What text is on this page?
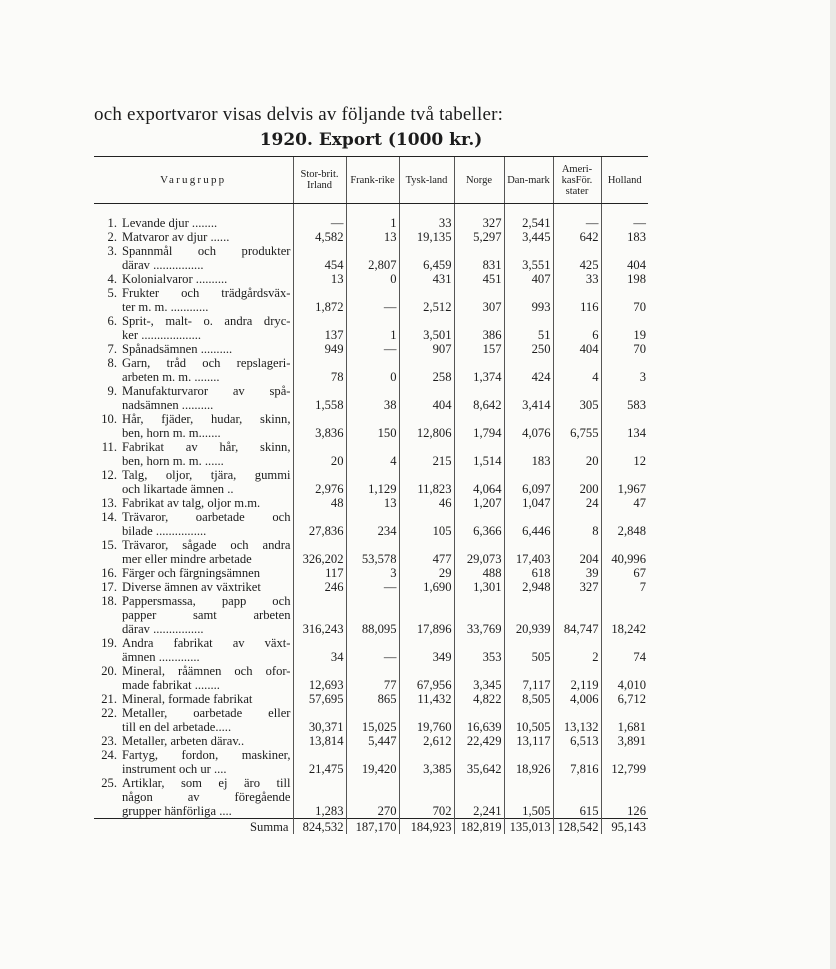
och exportvaror visas delvis av följande två tabeller:
1920. Export (1000 kr.)
Varugrupp	Stor-brit. Irland	Frank-rike	Tysk-land	Norge	Dan-mark	Ameri-kasFör. stater	Holland

1. Levande djur ........	—	1	33	327	2,541	—	—

2. Matvaror av djur ......	4,582	13	19,135	5,297	3,445	642	183

3. Spannmål och produkter
därav ................	454	2,807	6,459	831	3,551	425	404

4. Kolonialvaror ..........	13	0	431	451	407	33	198

5. Frukter och trädgårdsväx-
ter m. m. ............	1,872	—	2,512	307	993	116	70

6. Sprit-, malt- o. andra dryc-
ker ...................	137	1	3,501	386	51	6	19

7. Spånadsämnen ..........	949	—	907	157	250	404	70

8. Garn, tråd och repslageri-
arbeten m. m. ........	78	0	258	1,374	424	4	3

9. Manufakturvaror av spå-
nadsämnen ..........	1,558	38	404	8,642	3,414	305	583

10. Hår, fjäder, hudar, skinn,
ben, horn m. m.......	3,836	150	12,806	1,794	4,076	6,755	134

11. Fabrikat av hår, skinn,
ben, horn m. m. ......	20	4	215	1,514	183	20	12

12. Talg, oljor, tjära, gummi
och likartade ämnen ..	2,976	1,129	11,823	4,064	6,097	200	1,967

13. Fabrikat av talg, oljor m.m.	48	13	46	1,207	1,047	24	47

14. Trävaror, oarbetade och
bilade ................	27,836	234	105	6,366	6,446	8	2,848

15. Trävaror, sågade och andra
mer eller mindre arbetade	326,202	53,578	477	29,073	17,403	204	40,996

16. Färger och färgningsämnen	117	3	29	488	618	39	67

17. Diverse ämnen av växtriket	246	—	1,690	1,301	2,948	327	7

18. Pappersmassa, papp och
papper samt arbeten
därav ................	316,243	88,095	17,896	33,769	20,939	84,747	18,242

19. Andra fabrikat av växt-
ämnen .............	34	—	349	353	505	2	74

20. Mineral, råämnen och ofor-
made fabrikat ........	12,693	77	67,956	3,345	7,117	2,119	4,010

21. Mineral, formade fabrikat	57,695	865	11,432	4,822	8,505	4,006	6,712

22. Metaller, oarbetade eller
till en del arbetade.....	30,371	15,025	19,760	16,639	10,505	13,132	1,681

23. Metaller, arbeten därav..	13,814	5,447	2,612	22,429	13,117	6,513	3,891

24. Fartyg, fordon, maskiner,
instrument och ur ....	21,475	19,420	3,385	35,642	18,926	7,816	12,799

25. Artiklar, som ej äro till
någon av föregående
grupper hänförliga ....	1,283	270	702	2,241	1,505	615	126
Summa	824,532	187,170	184,923	182,819	135,013	128,542	95,143
